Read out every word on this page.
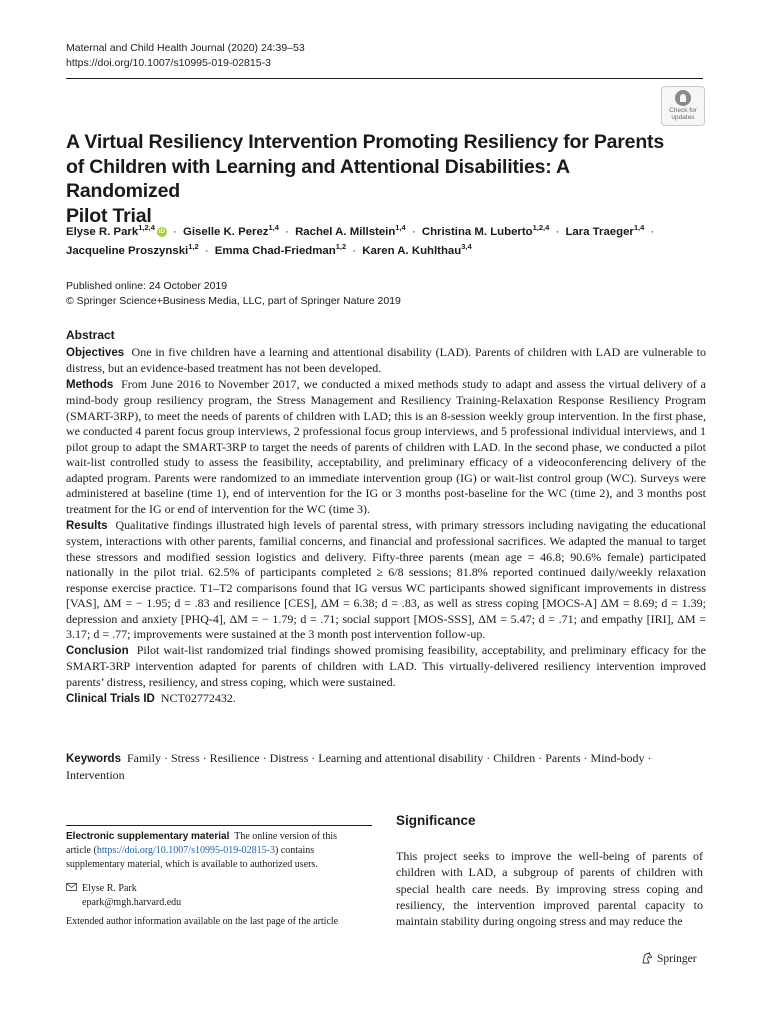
Maternal and Child Health Journal (2020) 24:39–53
https://doi.org/10.1007/s10995-019-02815-3
Check for
updates
A Virtual Resiliency Intervention Promoting Resiliency for Parents
of Children with Learning and Attentional Disabilities: A Randomized
Pilot Trial
Elyse R. Park$^{1,2,4}$ iD · Giselle K. Perez$^{1,4}$ · Rachel A. Millstein$^{1,4}$ · Christina M. Luberto$^{1,2,4}$ · Lara Traeger$^{1,4}$ ·
Jacqueline Proszynski$^{1,2}$ · Emma Chad-Friedman$^{1,2}$ · Karen A. Kuhlthau$^{3,4}$
Published online: 24 October 2019
© Springer Science+Business Media, LLC, part of Springer Nature 2019
Abstract

Objectives One in five children have a learning and attentional disability (LAD). Parents of children with LAD are vulnerable to distress, but an evidence-based treatment has not been developed.

Methods From June 2016 to November 2017, we conducted a mixed methods study to adapt and assess the virtual delivery of a mind-body group resiliency program, the Stress Management and Resiliency Training-Relaxation Response Resiliency Program (SMART-3RP), to meet the needs of parents of children with LAD; this is an 8-session weekly group intervention. In the first phase, we conducted 4 parent focus group interviews, 2 professional focus group interviews, and 5 professional individual interviews, and 1 pilot group to adapt the SMART-3RP to target the needs of parents of children with LAD. In the second phase, we conducted a pilot wait-list controlled study to assess the feasibility, acceptability, and preliminary efficacy of a videoconferencing delivery of the adapted program. Parents were randomized to an immediate intervention group (IG) or wait-list control group (WC). Surveys were administered at baseline (time 1), end of intervention for the IG or 3 months post-baseline for the WC (time 2), and 3 months post treatment for the IG or end of intervention for the WC (time 3).

Results Qualitative findings illustrated high levels of parental stress, with primary stressors including navigating the educational system, interactions with other parents, familial concerns, and financial and professional sacrifices. We adapted the manual to target these stressors and modified session logistics and delivery. Fifty-three parents (mean age = 46.8; 90.6% female) participated nationally in the pilot trial. 62.5% of participants completed ≥ 6/8 sessions; 81.8% reported continued daily/weekly relaxation response exercise practice. T1–T2 comparisons found that IG versus WC participants showed significant improvements in distress [VAS], ΔM = − 1.95; d = .83 and resilience [CES], ΔM = 6.38; d = .83, as well as stress coping [MOCS-A] ΔM = 8.69; d = 1.39; depression and anxiety [PHQ-4], ΔM = − 1.79; d = .71; social support [MOS-SSS], ΔM = 5.47; d = .71; and empathy [IRI], ΔM = 3.17; d = .77; improvements were sustained at the 3 month post intervention follow-up.

Conclusion Pilot wait-list randomized trial findings showed promising feasibility, acceptability, and preliminary efficacy for the SMART-3RP intervention adapted for parents of children with LAD. This virtually-delivered resiliency intervention improved parents’ distress, resiliency, and stress coping, which were sustained.

Clinical Trials ID NCT02772432.

Keywords Family · Stress · Resilience · Distress · Learning and attentional disability · Children · Parents · Mind-body · Intervention
Electronic supplementary material The online version of this article (https://doi.org/10.1007/s10995-019-02815-3) contains supplementary material, which is available to authorized users.
Elyse R. Park
epark@mgh.harvard.edu
Extended author information available on the last page of the article
Significance
This project seeks to improve the well-being of parents of children with LAD, a subgroup of parents of children with special health care needs. By improving stress coping and resiliency, the intervention improved parental capacity to maintain stability during ongoing stress and may reduce the
Springer
